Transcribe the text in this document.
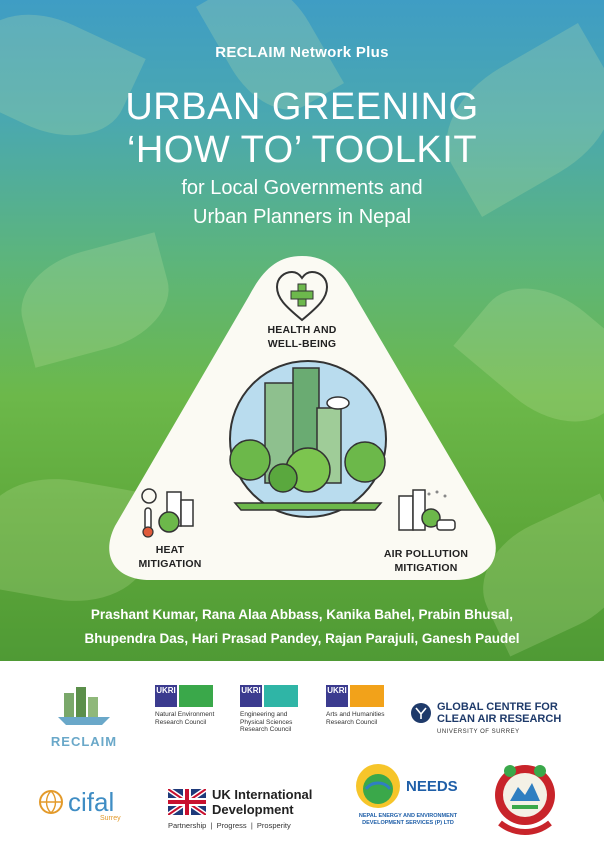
RECLAIM Network Plus
URBAN GREENING
‘HOW TO’ TOOLKIT
for Local Governments and
Urban Planners in Nepal
HEALTH AND
WELL-BEING
HEAT
MITIGATION
AIR POLLUTION
MITIGATION
Prashant Kumar, Rana Alaa Abbass, Kanika Bahel, Prabin Bhusal,
Bhupendra Das, Hari Prasad Pandey, Rajan Parajuli, Ganesh Paudel
RECLAIM
UKRI
Natural Environment Research Council
UKRI
Engineering and Physical Sciences Research Council
UKRI
Arts and Humanities Research Council
GLOBAL CENTRE FOR
CLEAN AIR RESEARCH
UNIVERSITY OF SURREY
cifal
Surrey
UK International
Development
Partnership  |  Progress  |  Prosperity
NEEDS
NEPAL ENERGY AND ENVIRONMENT DEVELOPMENT SERVICES (P) LTD
